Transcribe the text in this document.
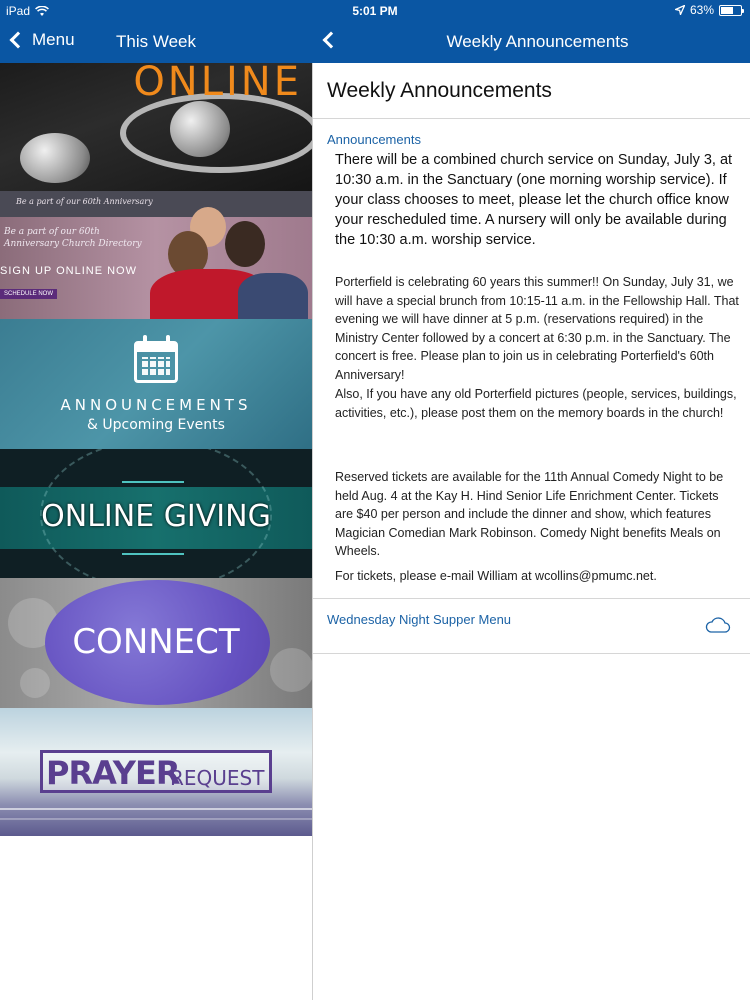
iPad	5:01 PM	63%
Menu This Week	Weekly Announcements
ONLINE
Be a part of our 60th Anniversary
Be a part of our 60th Anniversary Church Directory
SIGN UP ONLINE NOW
SCHEDULE NOW
ANNOUNCEMENTS
& Upcoming Events
ONLINE GIVING
CONNECT
PRAYER
REQUEST
Weekly Announcements
Announcements
There will be a combined church service on Sunday, July 3, at 10:30 a.m. in the Sanctuary (one morning worship service). If your class chooses to meet, please let the church office know your rescheduled time. A nursery will only be available during the 10:30 a.m. worship service.
Porterfield is celebrating 60 years this summer!! On Sunday, July 31, we will have a special brunch from 10:15-11 a.m. in the Fellowship Hall. That evening we will have dinner at 5 p.m. (reservations required) in the Ministry Center followed by a concert at 6:30 p.m. in the Sanctuary. The concert is free. Please plan to join us in celebrating Porterfield's 60th Anniversary!
Also, If you have any old Porterfield pictures (people, services, buildings, activities, etc.), please post them on the memory boards in the church!
Reserved tickets are available for the 11th Annual Comedy Night to be held Aug. 4 at the Kay H. Hind Senior Life Enrichment Center. Tickets are $40 per person and include the dinner and show, which features Magician Comedian Mark Robinson. Comedy Night benefits Meals on Wheels.
For tickets, please e-mail William at wcollins@pmumc.net.
Wednesday Night Supper Menu
